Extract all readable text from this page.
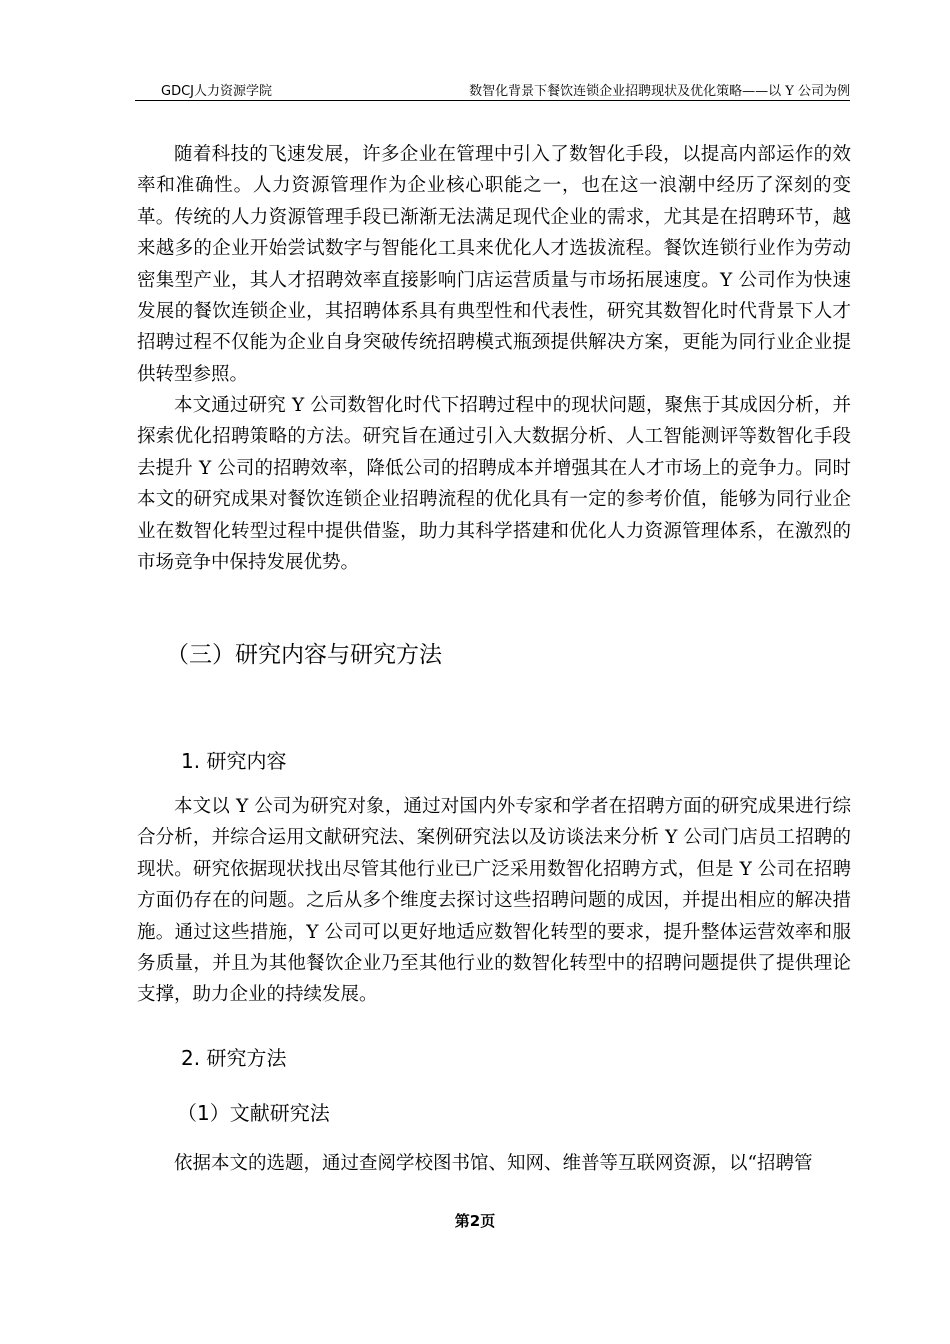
GDCJ人力资源学院	数智化背景下餐饮连锁企业招聘现状及优化策略——以 Y 公司为例

随着科技的飞速发展，许多企业在管理中引入了数智化手段，以提高内部运作的效率和准确性。人力资源管理作为企业核心职能之一，也在这一浪潮中经历了深刻的变革。传统的人力资源管理手段已渐渐无法满足现代企业的需求，尤其是在招聘环节，越来越多的企业开始尝试数字与智能化工具来优化人才选拔流程。餐饮连锁行业作为劳动密集型产业，其人才招聘效率直接影响门店运营质量与市场拓展速度。Y 公司作为快速发展的餐饮连锁企业，其招聘体系具有典型性和代表性，研究其数智化时代背景下人才招聘过程不仅能为企业自身突破传统招聘模式瓶颈提供解决方案，更能为同行业企业提供转型参照。

本文通过研究 Y 公司数智化时代下招聘过程中的现状问题，聚焦于其成因分析，并探索优化招聘策略的方法。研究旨在通过引入大数据分析、人工智能测评等数智化手段去提升 Y 公司的招聘效率，降低公司的招聘成本并增强其在人才市场上的竞争力。同时本文的研究成果对餐饮连锁企业招聘流程的优化具有一定的参考价值，能够为同行业企业在数智化转型过程中提供借鉴，助力其科学搭建和优化人力资源管理体系，在激烈的市场竞争中保持发展优势。

（三）研究内容与研究方法
1. 研究内容

本文以 Y 公司为研究对象，通过对国内外专家和学者在招聘方面的研究成果进行综合分析，并综合运用文献研究法、案例研究法以及访谈法来分析 Y 公司门店员工招聘的现状。研究依据现状找出尽管其他行业已广泛采用数智化招聘方式，但是 Y 公司在招聘方面仍存在的问题。之后从多个维度去探讨这些招聘问题的成因，并提出相应的解决措施。通过这些措施，Y 公司可以更好地适应数智化转型的要求，提升整体运营效率和服务质量，并且为其他餐饮企业乃至其他行业的数智化转型中的招聘问题提供了提供理论支撑，助力企业的持续发展。

2. 研究方法
（1）文献研究法

依据本文的选题，通过查阅学校图书馆、知网、维普等互联网资源，以“招聘管

第2页
